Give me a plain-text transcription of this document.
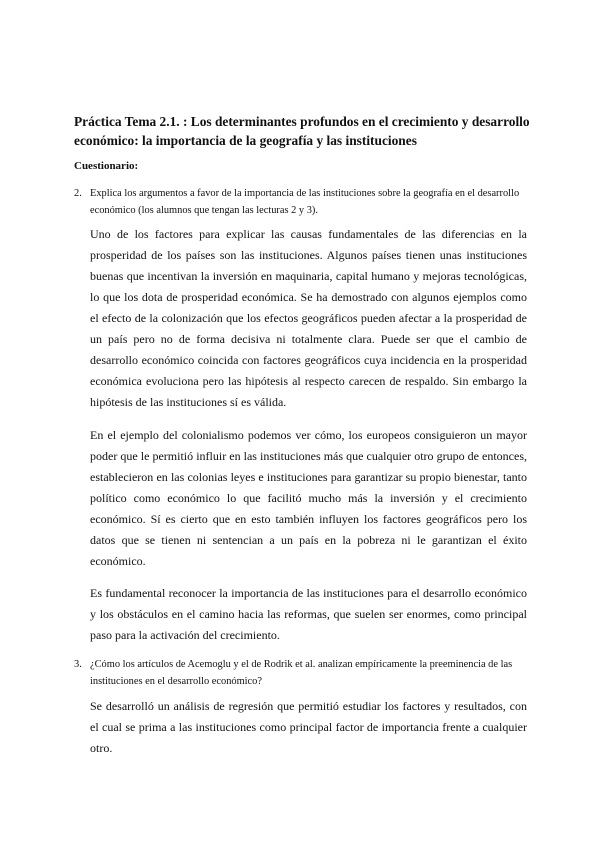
Práctica Tema 2.1. : Los determinantes profundos en el crecimiento y desarrollo económico: la importancia de la geografía y las instituciones
Cuestionario:
2. Explica los argumentos a favor de la importancia de las instituciones sobre la geografía en el desarrollo económico (los alumnos que tengan las lecturas 2 y 3).
Uno de los factores para explicar las causas fundamentales de las diferencias en la prosperidad de los países son las instituciones. Algunos países tienen unas instituciones buenas que incentivan la inversión en maquinaria, capital humano y mejoras tecnológicas, lo que los dota de prosperidad económica. Se ha demostrado con algunos ejemplos como el efecto de la colonización que los efectos geográficos pueden afectar a la prosperidad de un país pero no de forma decisiva ni totalmente clara. Puede ser que el cambio de desarrollo económico coincida con factores geográficos cuya incidencia en la prosperidad económica evoluciona pero las hipótesis al respecto carecen de respaldo. Sin embargo la hipótesis de las instituciones sí es válida.
En el ejemplo del colonialismo podemos ver cómo, los europeos consiguieron un mayor poder que le permitió influir en las instituciones más que cualquier otro grupo de entonces, establecieron en las colonias leyes e instituciones para garantizar su propio bienestar, tanto político como económico lo que facilitó mucho más la inversión y el crecimiento económico. Sí es cierto que en esto también influyen los factores geográficos pero los datos que se tienen ni sentencian a un país en la pobreza ni le garantizan el éxito económico.
Es fundamental reconocer la importancia de las instituciones para el desarrollo económico y los obstáculos en el camino hacia las reformas, que suelen ser enormes, como principal paso para la activación del crecimiento.
3. ¿Cómo los artículos de Acemoglu y el de Rodrik et al. analizan empíricamente la preeminencia de las instituciones en el desarrollo económico?
Se desarrolló un análisis de regresión que permitió estudiar los factores y resultados, con el cual se prima a las instituciones como principal factor de importancia frente a cualquier otro.
